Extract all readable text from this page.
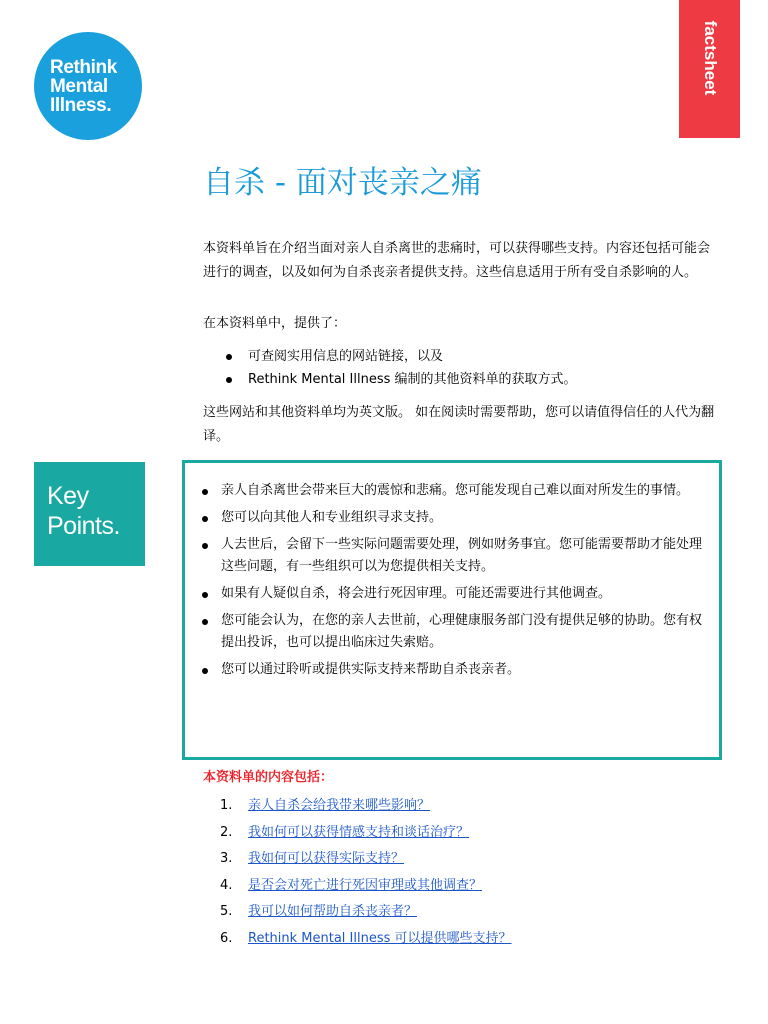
Rethink
Mental
Illness.
factsheet
自杀 - 面对丧亲之痛

本资料单旨在介绍当面对亲人自杀离世的悲痛时，可以获得哪些支持。内容还包括可能会进行的调查，以及如何为自杀丧亲者提供支持。这些信息适用于所有受自杀影响的人。

在本资料单中，提供了：

可查阅实用信息的网站链接，以及
Rethink Mental Illness 编制的其他资料单的获取方式。

这些网站和其他资料单均为英文版。 如在阅读时需要帮助，您可以请值得信任的人代为翻译。

Key
Points.
亲人自杀离世会带来巨大的震惊和悲痛。您可能发现自己难以面对所发生的事情。
您可以向其他人和专业组织寻求支持。
人去世后，会留下一些实际问题需要处理，例如财务事宜。您可能需要帮助才能处理这些问题，有一些组织可以为您提供相关支持。
如果有人疑似自杀，将会进行死因审理。可能还需要进行其他调查。
您可能会认为，在您的亲人去世前，心理健康服务部门没有提供足够的协助。您有权提出投诉，也可以提出临床过失索赔。
您可以通过聆听或提供实际支持来帮助自杀丧亲者。
本资料单的内容包括：
1.	亲人自杀会给我带来哪些影响？
2.	我如何可以获得情感支持和谈话治疗？
3.	我如何可以获得实际支持？
4.	是否会对死亡进行死因审理或其他调查？
5.	我可以如何帮助自杀丧亲者？
6.	Rethink Mental Illness 可以提供哪些支持？
